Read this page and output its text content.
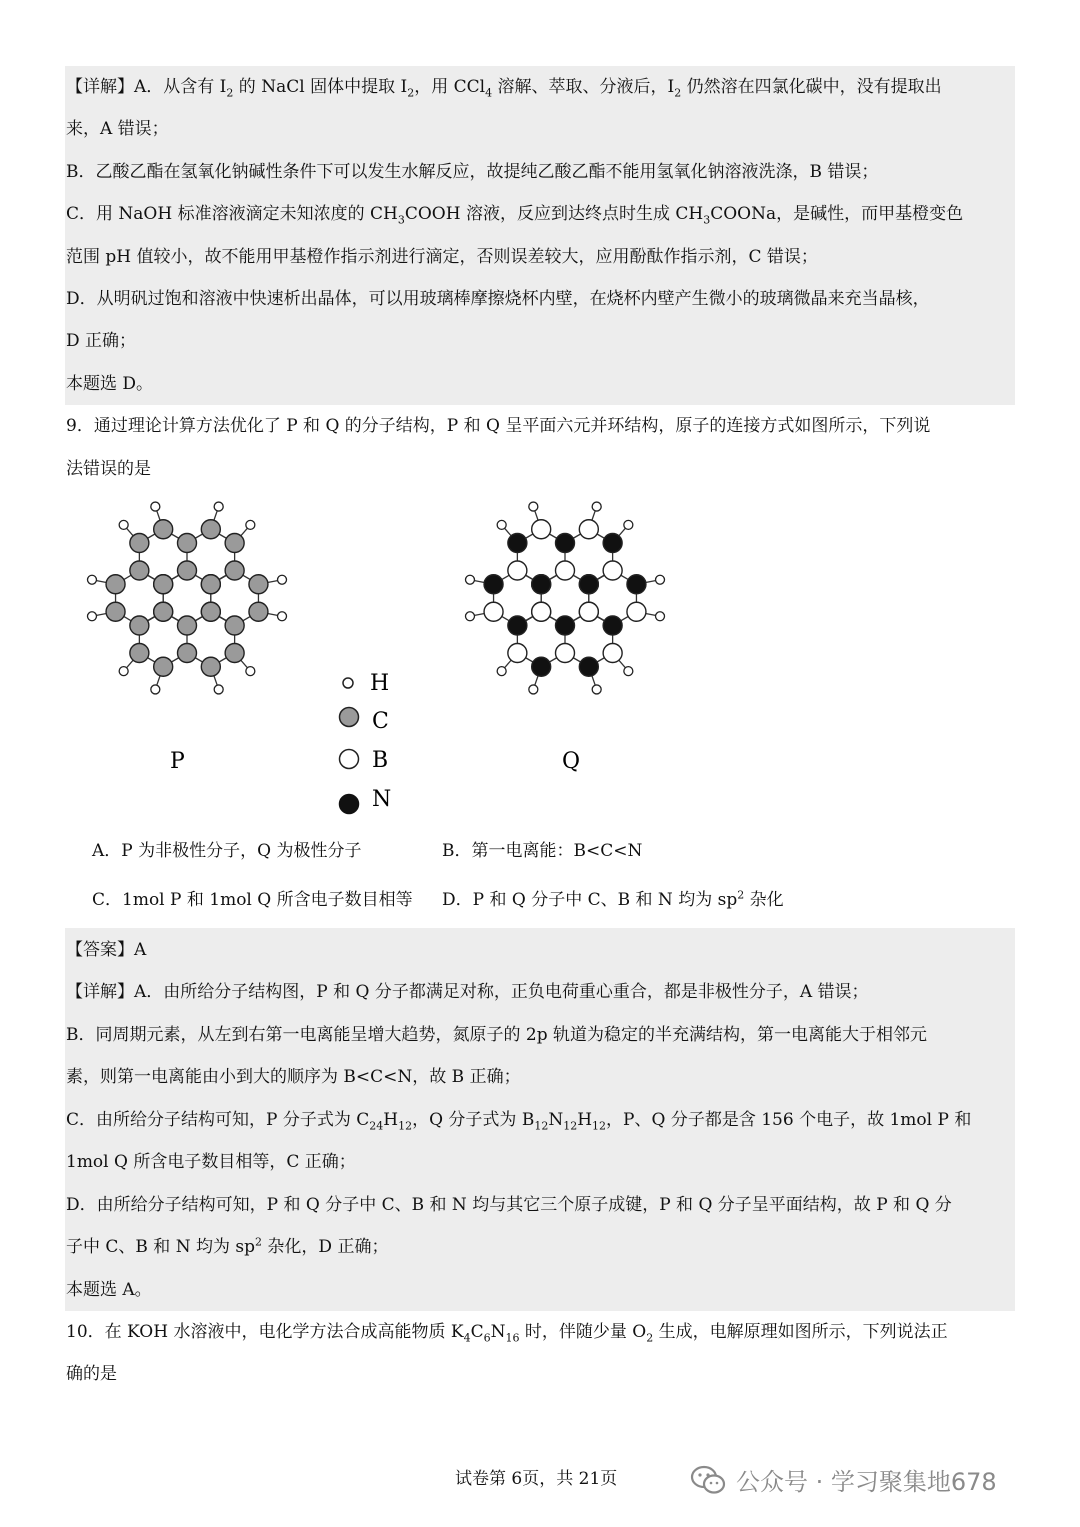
【详解】A．从含有 $I_2$ 的 NaCl 固体中提取 $I_2$，用 CCl$_4$ 溶解、萃取、分液后，$I_2$ 仍然溶在四氯化碳中，没有提取出
来，A 错误；
B．乙酸乙酯在氢氧化钠碱性条件下可以发生水解反应，故提纯乙酸乙酯不能用氢氧化钠溶液洗涤，B 错误；
C．用 NaOH 标准溶液滴定未知浓度的 $CH_3COOH$ 溶液，反应到达终点时生成 $CH_3COONa$，是碱性，而甲基橙变色
范围 pH 值较小，故不能用甲基橙作指示剂进行滴定，否则误差较大，应用酚酞作指示剂，C 错误；
D．从明矾过饱和溶液中快速析出晶体，可以用玻璃棒摩擦烧杯内壁，在烧杯内壁产生微小的玻璃微晶来充当晶核，
D 正确；
本题选 D。
9．通过理论计算方法优化了 P 和 Q 的分子结构，P 和 Q 呈平面六元并环结构，原子的连接方式如图所示，下列说
法错误的是
P	Q
H
C
B
N
A．P 为非极性分子，Q 为极性分子	B．第一电离能：B<C<N
C．1mol P 和 1mol Q 所含电子数目相等 D．P 和 Q 分子中 C、B 和 N 均为 $sp^2$ 杂化
【答案】A
【详解】A．由所给分子结构图，P 和 Q 分子都满足对称，正负电荷重心重合，都是非极性分子，A 错误；
B．同周期元素，从左到右第一电离能呈增大趋势，氮原子的 2p 轨道为稳定的半充满结构，第一电离能大于相邻元
素，则第一电离能由小到大的顺序为 B<C<N，故 B 正确；
C．由所给分子结构可知，P 分子式为 $C_{24}H_{12}$，Q 分子式为 $B_{12}N_{12}H_{12}$，P、Q 分子都是含 156 个电子，故 1mol P 和
1mol Q 所含电子数目相等，C 正确；
D．由所给分子结构可知，P 和 Q 分子中 C、B 和 N 均与其它三个原子成键，P 和 Q 分子呈平面结构，故 P 和 Q 分
子中 C、B 和 N 均为 $sp^2$ 杂化，D 正确；
本题选 A。
10．在 KOH 水溶液中，电化学方法合成高能物质 $K_4C_6N_{16}$ 时，伴随少量 $O_2$ 生成，电解原理如图所示，下列说法正
确的是
试卷第 6页，共 21页	公众号 · 学习聚集地678
